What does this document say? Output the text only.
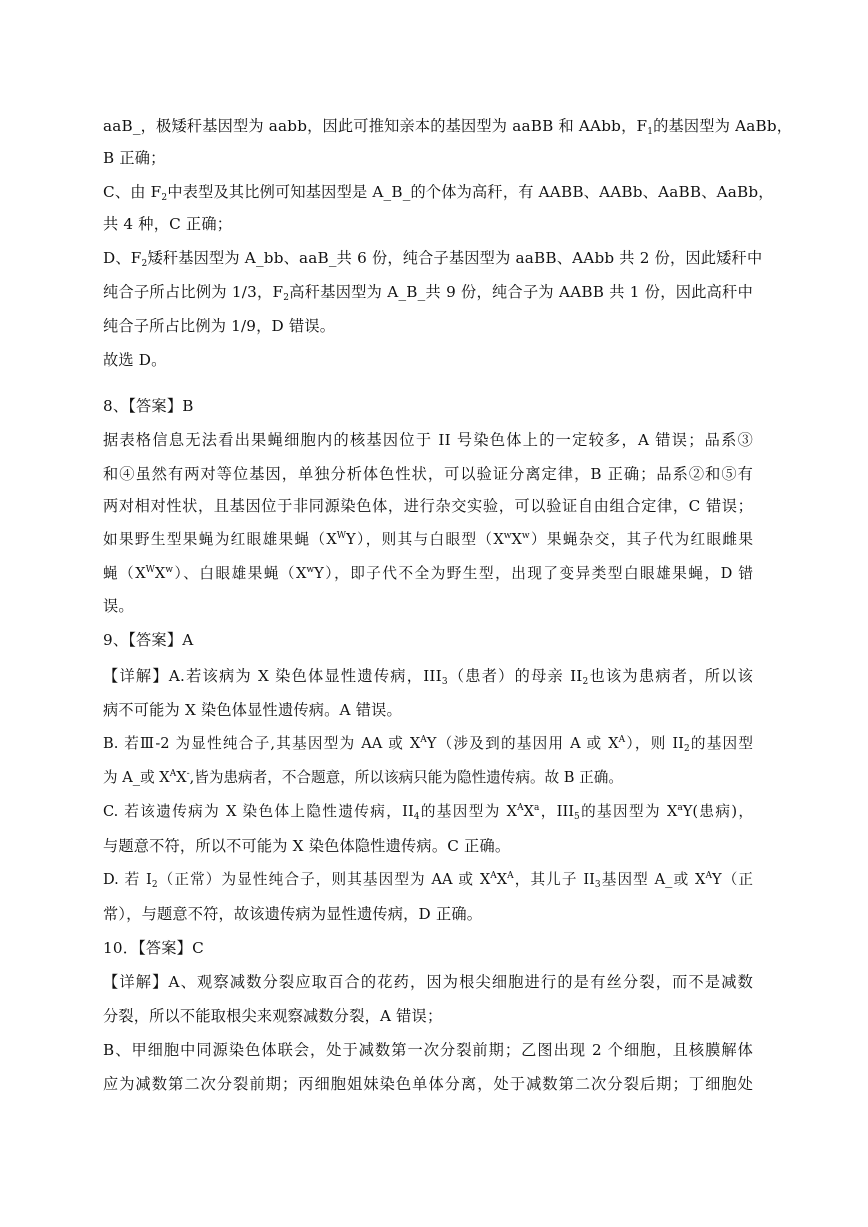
aaB_，极矮秆基因型为 aabb，因此可推知亲本的基因型为 aaBB 和 AAbb，$F_1$的基因型为 AaBb，
B 正确；
C、由 $F_2$中表型及其比例可知基因型是 A_B_的个体为高秆，有 AABB、AABb、AaBB、AaBb，
共 4 种，C 正确；
D、$F_2$矮秆基因型为 A_bb、aaB_共 6 份，纯合子基因型为 aaBB、AAbb 共 2 份，因此矮秆中
纯合子所占比例为 1/3，$F_2$高秆基因型为 A_B_共 9 份，纯合子为 AABB 共 1 份，因此高秆中
纯合子所占比例为 1/9，D 错误。
故选 D。
8、【答案】B
据表格信息无法看出果蝇细胞内的核基因位于 II 号染色体上的一定较多，A 错误；品系③
和④虽然有两对等位基因，单独分析体色性状，可以验证分离定律，B 正确；品系②和⑤有
两对相对性状，且基因位于非同源染色体，进行杂交实验，可以验证自由组合定律，C 错误；
如果野生型果蝇为红眼雄果蝇$(X^WY)$，则其与白眼型$(X^wX^w)$果蝇杂交，其子代为红眼雌果
蝇$(X^WX^w)$、白眼雄果蝇$(X^wY)$，即子代不全为野生型，出现了变异类型白眼雄果蝇，D 错
误。
9、【答案】A
【详解】A.若该病为 X 染色体显性遗传病，$III_3$（患者）的母亲 $II_2$也该为患病者，所以该
病不可能为 X 染色体显性遗传病。A 错误。
B. 若Ⅲ-2 为显性纯合子,其基因型为 AA 或 $X^AY$（涉及到的基因用 A 或 $X^A$），则 $II_2$的基因型
为 A_或 $X^AX^-$,皆为患病者，不合题意，所以该病只能为隐性遗传病。故 B 正确。
C. 若该遗传病为 X 染色体上隐性遗传病，$II_4$的基因型为 $X^AX^a$，$III_5$的基因型为 $X^aY$(患病)，
与题意不符，所以不可能为 X 染色体隐性遗传病。C 正确。
D. 若 $I_2$（正常）为显性纯合子，则其基因型为 AA 或 $X^AX^A$，其儿子 $II_3$基因型 A_或 $X^AY$（正
常），与题意不符，故该遗传病为显性遗传病，D 正确。
10．【答案】C
【详解】A、观察减数分裂应取百合的花药，因为根尖细胞进行的是有丝分裂，而不是减数
分裂，所以不能取根尖来观察减数分裂，A 错误；
B、甲细胞中同源染色体联会，处于减数第一次分裂前期；乙图出现 2 个细胞，且核膜解体
应为减数第二次分裂前期；丙细胞姐妹染色单体分离，处于减数第二次分裂后期；丁细胞处
